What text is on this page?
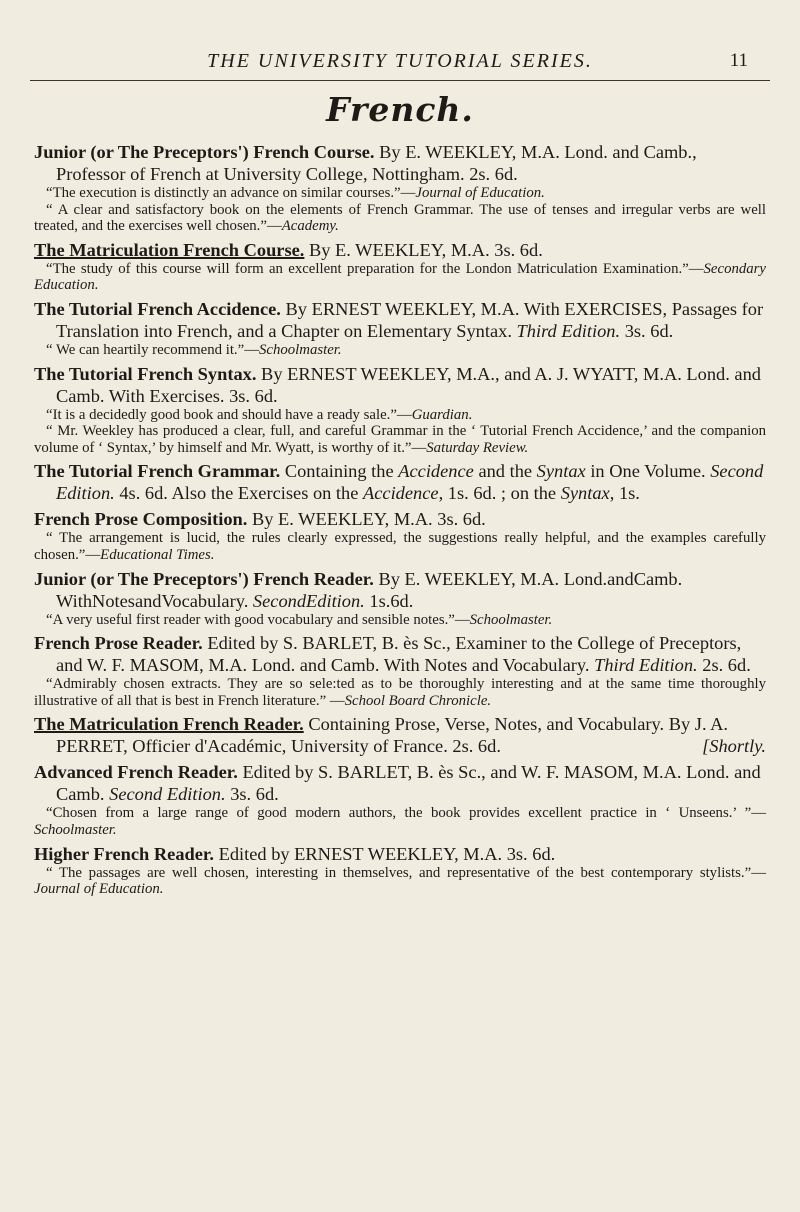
THE UNIVERSITY TUTORIAL SERIES.	11
French.
Junior (or The Preceptors') French Course. By E. WEEKLEY, M.A. Lond. and Camb., Professor of French at University College, Nottingham. 2s. 6d.
“The execution is distinctly an advance on similar courses.”—Journal of Education.
“ A clear and satisfactory book on the elements of French Grammar. The use of tenses and irregular verbs are well treated, and the exercises well chosen.”—Academy.
The Matriculation French Course. By E. WEEKLEY, M.A. 3s. 6d.
“The study of this course will form an excellent preparation for the London Matriculation Examination.”—Secondary Education.
The Tutorial French Accidence. By ERNEST WEEKLEY, M.A. With EXERCISES, Passages for Translation into French, and a Chapter on Elementary Syntax. Third Edition. 3s. 6d.
“ We can heartily recommend it.”—Schoolmaster.
The Tutorial French Syntax. By ERNEST WEEKLEY, M.A., and A. J. WYATT, M.A. Lond. and Camb. With Exercises. 3s. 6d.
“It is a decidedly good book and should have a ready sale.”—Guardian.
“ Mr. Weekley has produced a clear, full, and careful Grammar in the ‘ Tutorial French Accidence,’ and the companion volume of ‘ Syntax,’ by himself and Mr. Wyatt, is worthy of it.”—Saturday Review.
The Tutorial French Grammar. Containing the Accidence and the Syntax in One Volume. Second Edition. 4s. 6d. Also the Exercises on the Accidence, 1s. 6d. ; on the Syntax, 1s.
French Prose Composition. By E. WEEKLEY, M.A. 3s. 6d.
“ The arrangement is lucid, the rules clearly expressed, the suggestions really helpful, and the examples carefully chosen.”—Educational Times.
Junior (or The Preceptors') French Reader. By E. WEEKLEY, M.A. Lond.andCamb. WithNotesandVocabulary. SecondEdition. 1s.6d.
“A very useful first reader with good vocabulary and sensible notes.”—Schoolmaster.
French Prose Reader. Edited by S. BARLET, B. ès Sc., Examiner to the College of Preceptors, and W. F. MASOM, M.A. Lond. and Camb. With Notes and Vocabulary. Third Edition. 2s. 6d.
“Admirably chosen extracts. They are so sele:ted as to be thoroughly interesting and at the same time thoroughly illustrative of all that is best in French literature.” —School Board Chronicle.
The Matriculation French Reader. Containing Prose, Verse, Notes, and Vocabulary. By J. A. PERRET, Officier d'Académic, University of France. 2s. 6d.	[Shortly.
Advanced French Reader. Edited by S. BARLET, B. ès Sc., and W. F. MASOM, M.A. Lond. and Camb. Second Edition. 3s. 6d.
“Chosen from a large range of good modern authors, the book provides excellent practice in ‘ Unseens.’ ”—Schoolmaster.
Higher French Reader. Edited by ERNEST WEEKLEY, M.A. 3s. 6d.
“ The passages are well chosen, interesting in themselves, and representative of the best contemporary stylists.”—Journal of Education.
